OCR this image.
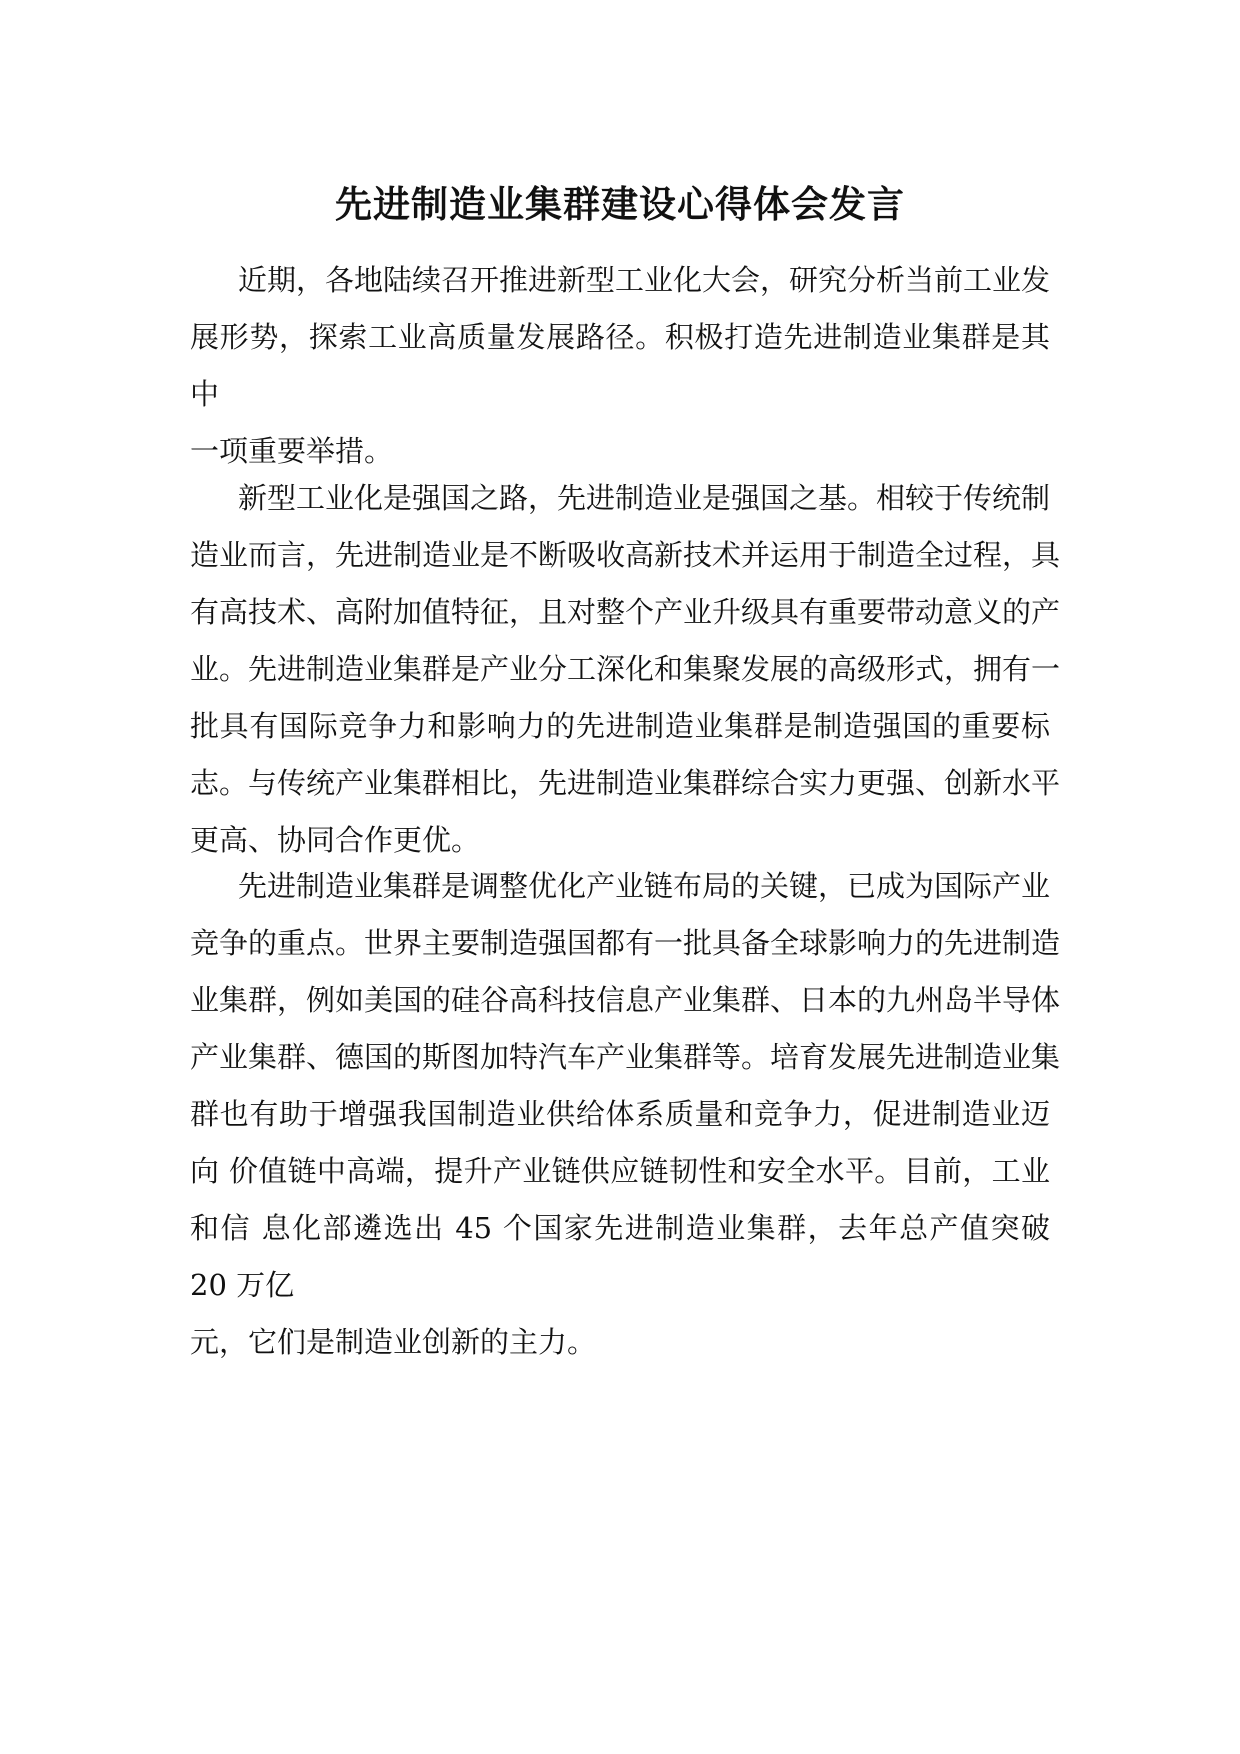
先进制造业集群建设心得体会发言
近期，各地陆续召开推进新型工业化大会，研究分析当前工业发
展形势，探索工业高质量发展路径。积极打造先进制造业集群是其
中
一项重要举措。
新型工业化是强国之路，先进制造业是强国之基。相较于传统制
造业而言，先进制造业是不断吸收高新技术并运用于制造全过程，具
有高技术、高附加值特征，且对整个产业升级具有重要带动意义的产
业。先进制造业集群是产业分工深化和集聚发展的高级形式，拥有一
批具有国际竞争力和影响力的先进制造业集群是制造强国的重要标
志。与传统产业集群相比，先进制造业集群综合实力更强、创新水平
更高、协同合作更优。
先进制造业集群是调整优化产业链布局的关键，已成为国际产业
竞争的重点。世界主要制造强国都有一批具备全球影响力的先进制造
业集群，例如美国的硅谷高科技信息产业集群、日本的九州岛半导体
产业集群、德国的斯图加特汽车产业集群等。培育发展先进制造业集
群也有助于增强我国制造业供给体系质量和竞争力，促进制造业迈
向 价值链中高端，提升产业链供应链韧性和安全水平。目前，工业
和信 息化部遴选出 45 个国家先进制造业集群，去年总产值突破
20 万亿
元，它们是制造业创新的主力。
